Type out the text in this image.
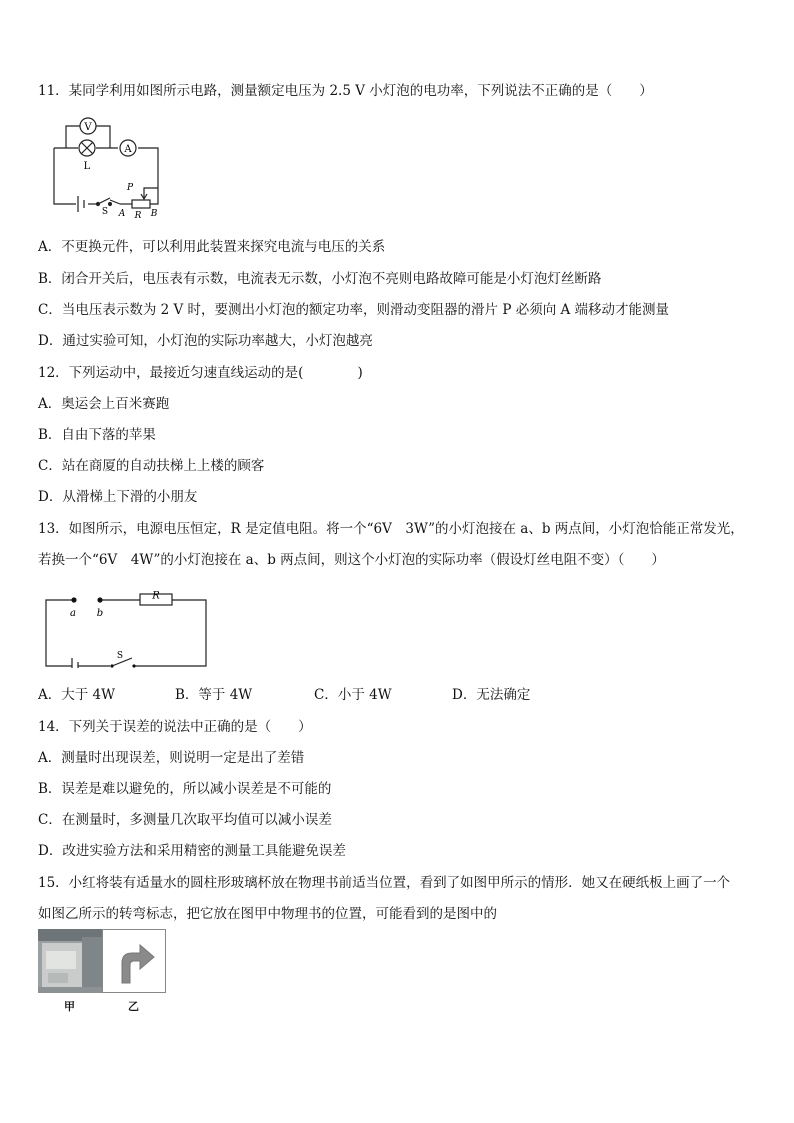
11．某同学利用如图所示电路，测量额定电压为 2.5 V 小灯泡的电功率，下列说法不正确的是（　　）
V
L
A
S
P
A R B
A．不更换元件，可以利用此装置来探究电流与电压的关系
B．闭合开关后，电压表有示数，电流表无示数，小灯泡不亮则电路故障可能是小灯泡灯丝断路
C．当电压表示数为 2 V 时，要测出小灯泡的额定功率，则滑动变阻器的滑片 P 必须向 A 端移动才能测量
D．通过实验可知，小灯泡的实际功率越大，小灯泡越亮
12．下列运动中，最接近匀速直线运动的是(　　　　)
A．奥运会上百米赛跑
B．自由下落的苹果
C．站在商厦的自动扶梯上上楼的顾客
D．从滑梯上下滑的小朋友
13．如图所示，电源电压恒定，R 是定值电阻。将一个“6V　3W”的小灯泡接在 a、b 两点间，小灯泡恰能正常发光，
若换一个“6V　4W”的小灯泡接在 a、b 两点间，则这个小灯泡的实际功率（假设灯丝电阻不变）（　　）
a b
R
S
A．大于 4W	B．等于 4W	C．小于 4W	D．无法确定
14．下列关于误差的说法中正确的是（　　）
A．测量时出现误差，则说明一定是出了差错
B．误差是难以避免的，所以减小误差是不可能的
C．在测量时，多测量几次取平均值可以减小误差
D．改进实验方法和采用精密的测量工具能避免误差
15．小红将装有适量水的圆柱形玻璃杯放在物理书前适当位置，看到了如图甲所示的情形．她又在硬纸板上画了一个
如图乙所示的转弯标志，把它放在图甲中物理书的位置，可能看到的是图中的
甲	乙
